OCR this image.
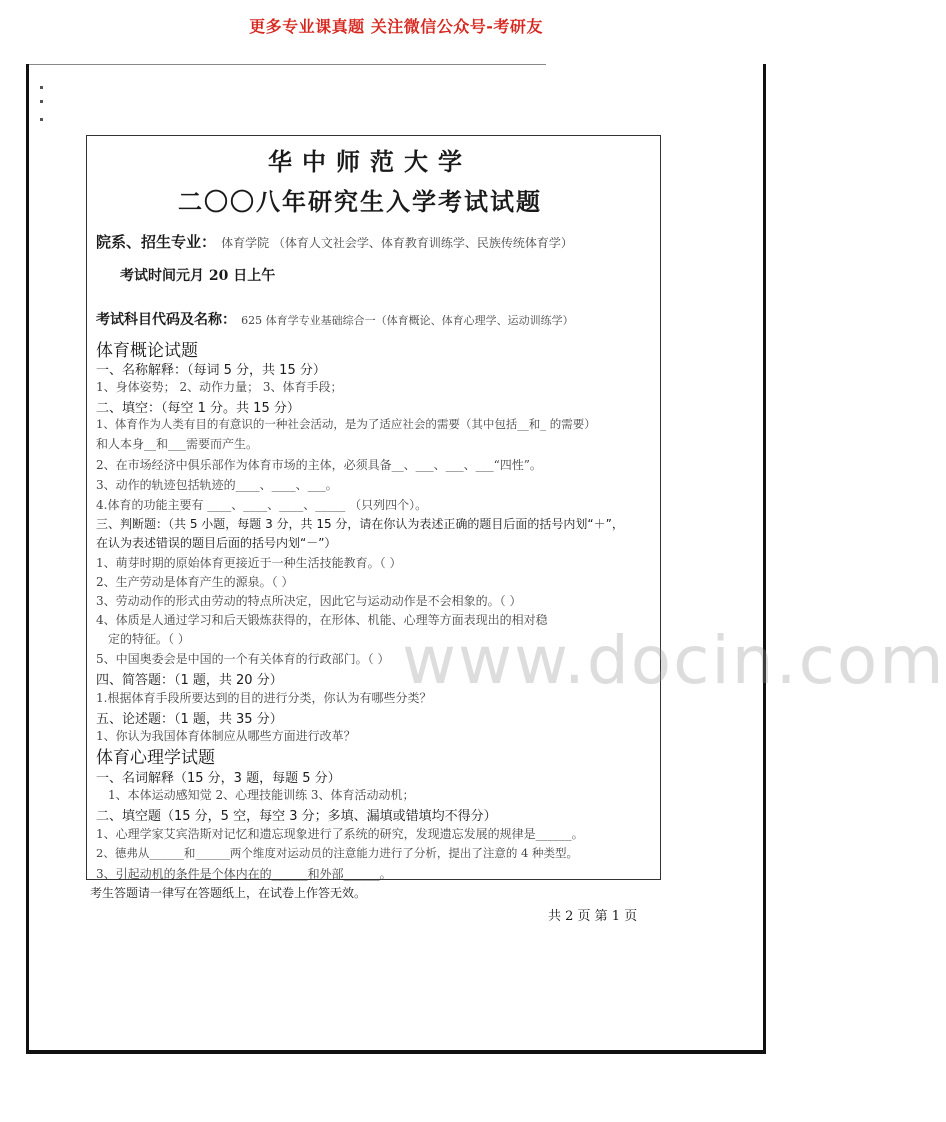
更多专业课真题 关注微信公众号-考研友
华中师范大学
二〇〇八年研究生入学考试试题
院系、招生专业： 体育学院 （体育人文社会学、体育教育训练学、民族传统体育学）
考试时间元月 20 日上午
考试科目代码及名称： 625 体育学专业基础综合一（体育概论、体育心理学、运动训练学）
体育概论试题
一、名称解释：（每词 5 分，共 15 分）
1、身体姿势； 2、动作力量； 3、体育手段；
二、填空：（每空 1 分。共 15 分）
1、体育作为人类有目的有意识的一种社会活动，是为了适应社会的需要（其中包括__和_ 的需要）
和人本身__和___需要而产生。
2、在市场经济中俱乐部作为体育市场的主体，必须具备__、___、___、___“四性”。
3、动作的轨迹包括轨迹的____、____、___。
4.体育的功能主要有 ____、____、____、_____ （只列四个）。
三、判断题：（共 5 小题，每题 3 分，共 15 分，请在你认为表述正确的题目后面的括号内划“＋”，
在认为表述错误的题目后面的括号内划“－”）
1、萌芽时期的原始体育更接近于一种生活技能教育。（ ）
2、生产劳动是体育产生的源泉。（ ）
3、劳动动作的形式由劳动的特点所决定，因此它与运动动作是不会相象的。（ ）
4、体质是人通过学习和后天锻炼获得的，在形体、机能、心理等方面表现出的相对稳
定的特征。（ ）
5、中国奥委会是中国的一个有关体育的行政部门。（ ）
四、简答题：（1 题，共 20 分）
1.根据体育手段所要达到的目的进行分类，你认为有哪些分类？
五、论述题：（1 题，共 35 分）
1、你认为我国体育体制应从哪些方面进行改革？
体育心理学试题
一、名词解释（15 分，3 题，每题 5 分）
1、本体运动感知觉 2、心理技能训练 3、体育活动动机；
二、填空题（15 分，5 空，每空 3 分；多填、漏填或错填均不得分）
1、心理学家艾宾浩斯对记忆和遗忘现象进行了系统的研究，发现遗忘发展的规律是______。
2、德弗从______和______两个维度对运动员的注意能力进行了分析，提出了注意的 4 种类型。
3、引起动机的条件是个体内在的______和外部______。
考生答题请一律写在答题纸上，在试卷上作答无效。
共 2 页 第 1 页
www.docin.com
